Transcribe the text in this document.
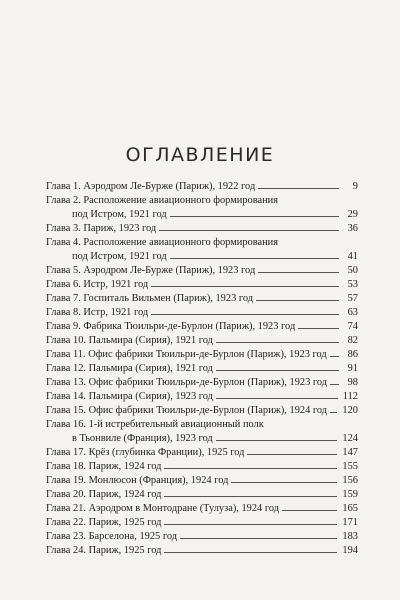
ОГЛАВЛЕНИЕ
Глава 1. Аэродром Ле-Бурже (Париж), 1922 год	9
Глава 2. Расположение авиационного формирования
под Истром, 1921 год	29
Глава 3. Париж, 1923 год	36
Глава 4. Расположение авиационного формирования
под Истром, 1921 год	41
Глава 5. Аэродром Ле-Бурже (Париж), 1923 год	50
Глава 6. Истр, 1921 год	53
Глава 7. Госпиталь Вильмен (Париж), 1923 год	57
Глава 8. Истр, 1921 год	63
Глава 9. Фабрика Тюильри-де-Бурлон (Париж), 1923 год	74
Глава 10. Пальмира (Сирия), 1921 год	82
Глава 11. Офис фабрики Тюильри-де-Бурлон (Париж), 1923 год	86
Глава 12. Пальмира (Сирия), 1921 год	91
Глава 13. Офис фабрики Тюильри-де-Бурлон (Париж), 1923 год	98
Глава 14. Пальмира (Сирия), 1923 год	112
Глава 15. Офис фабрики Тюильри-де-Бурлон (Париж), 1924 год 120
Глава 16. 1-й истребительный авиационный полк
в Тьонвиле (Франция), 1923 год	124
Глава 17. Крёз (глубинка Франции), 1925 год	147
Глава 18. Париж, 1924 год	155
Глава 19. Монлюсон (Франция), 1924 год	156
Глава 20. Париж, 1924 год	159
Глава 21. Аэродром в Монтодране (Тулуза), 1924 год	165
Глава 22. Париж, 1925 год	171
Глава 23. Барселона, 1925 год	183
Глава 24. Париж, 1925 год	194
